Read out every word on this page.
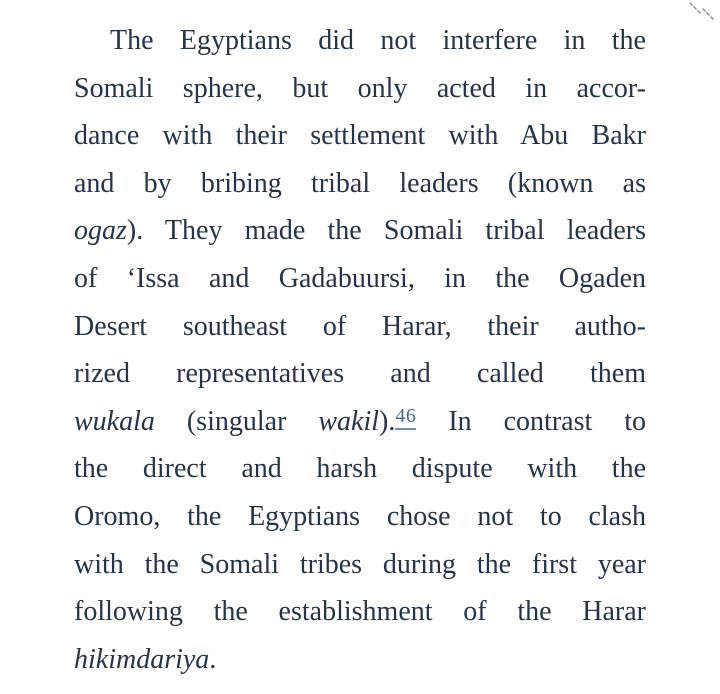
The Egyptians did not interfere in the
Somali sphere, but only acted in accor-
dance with their settlement with Abu Bakr
and by bribing tribal leaders (known as
ogaz). They made the Somali tribal leaders
of ‘Issa and Gadabuursi, in the Ogaden
Desert southeast of Harar, their autho-
rized representatives and called them
wukala (singular wakil).$^{46}$ In contrast to
the direct and harsh dispute with the
Oromo, the Egyptians chose not to clash
with the Somali tribes during the first year
following the establishment of the Harar
hikimdariya.
